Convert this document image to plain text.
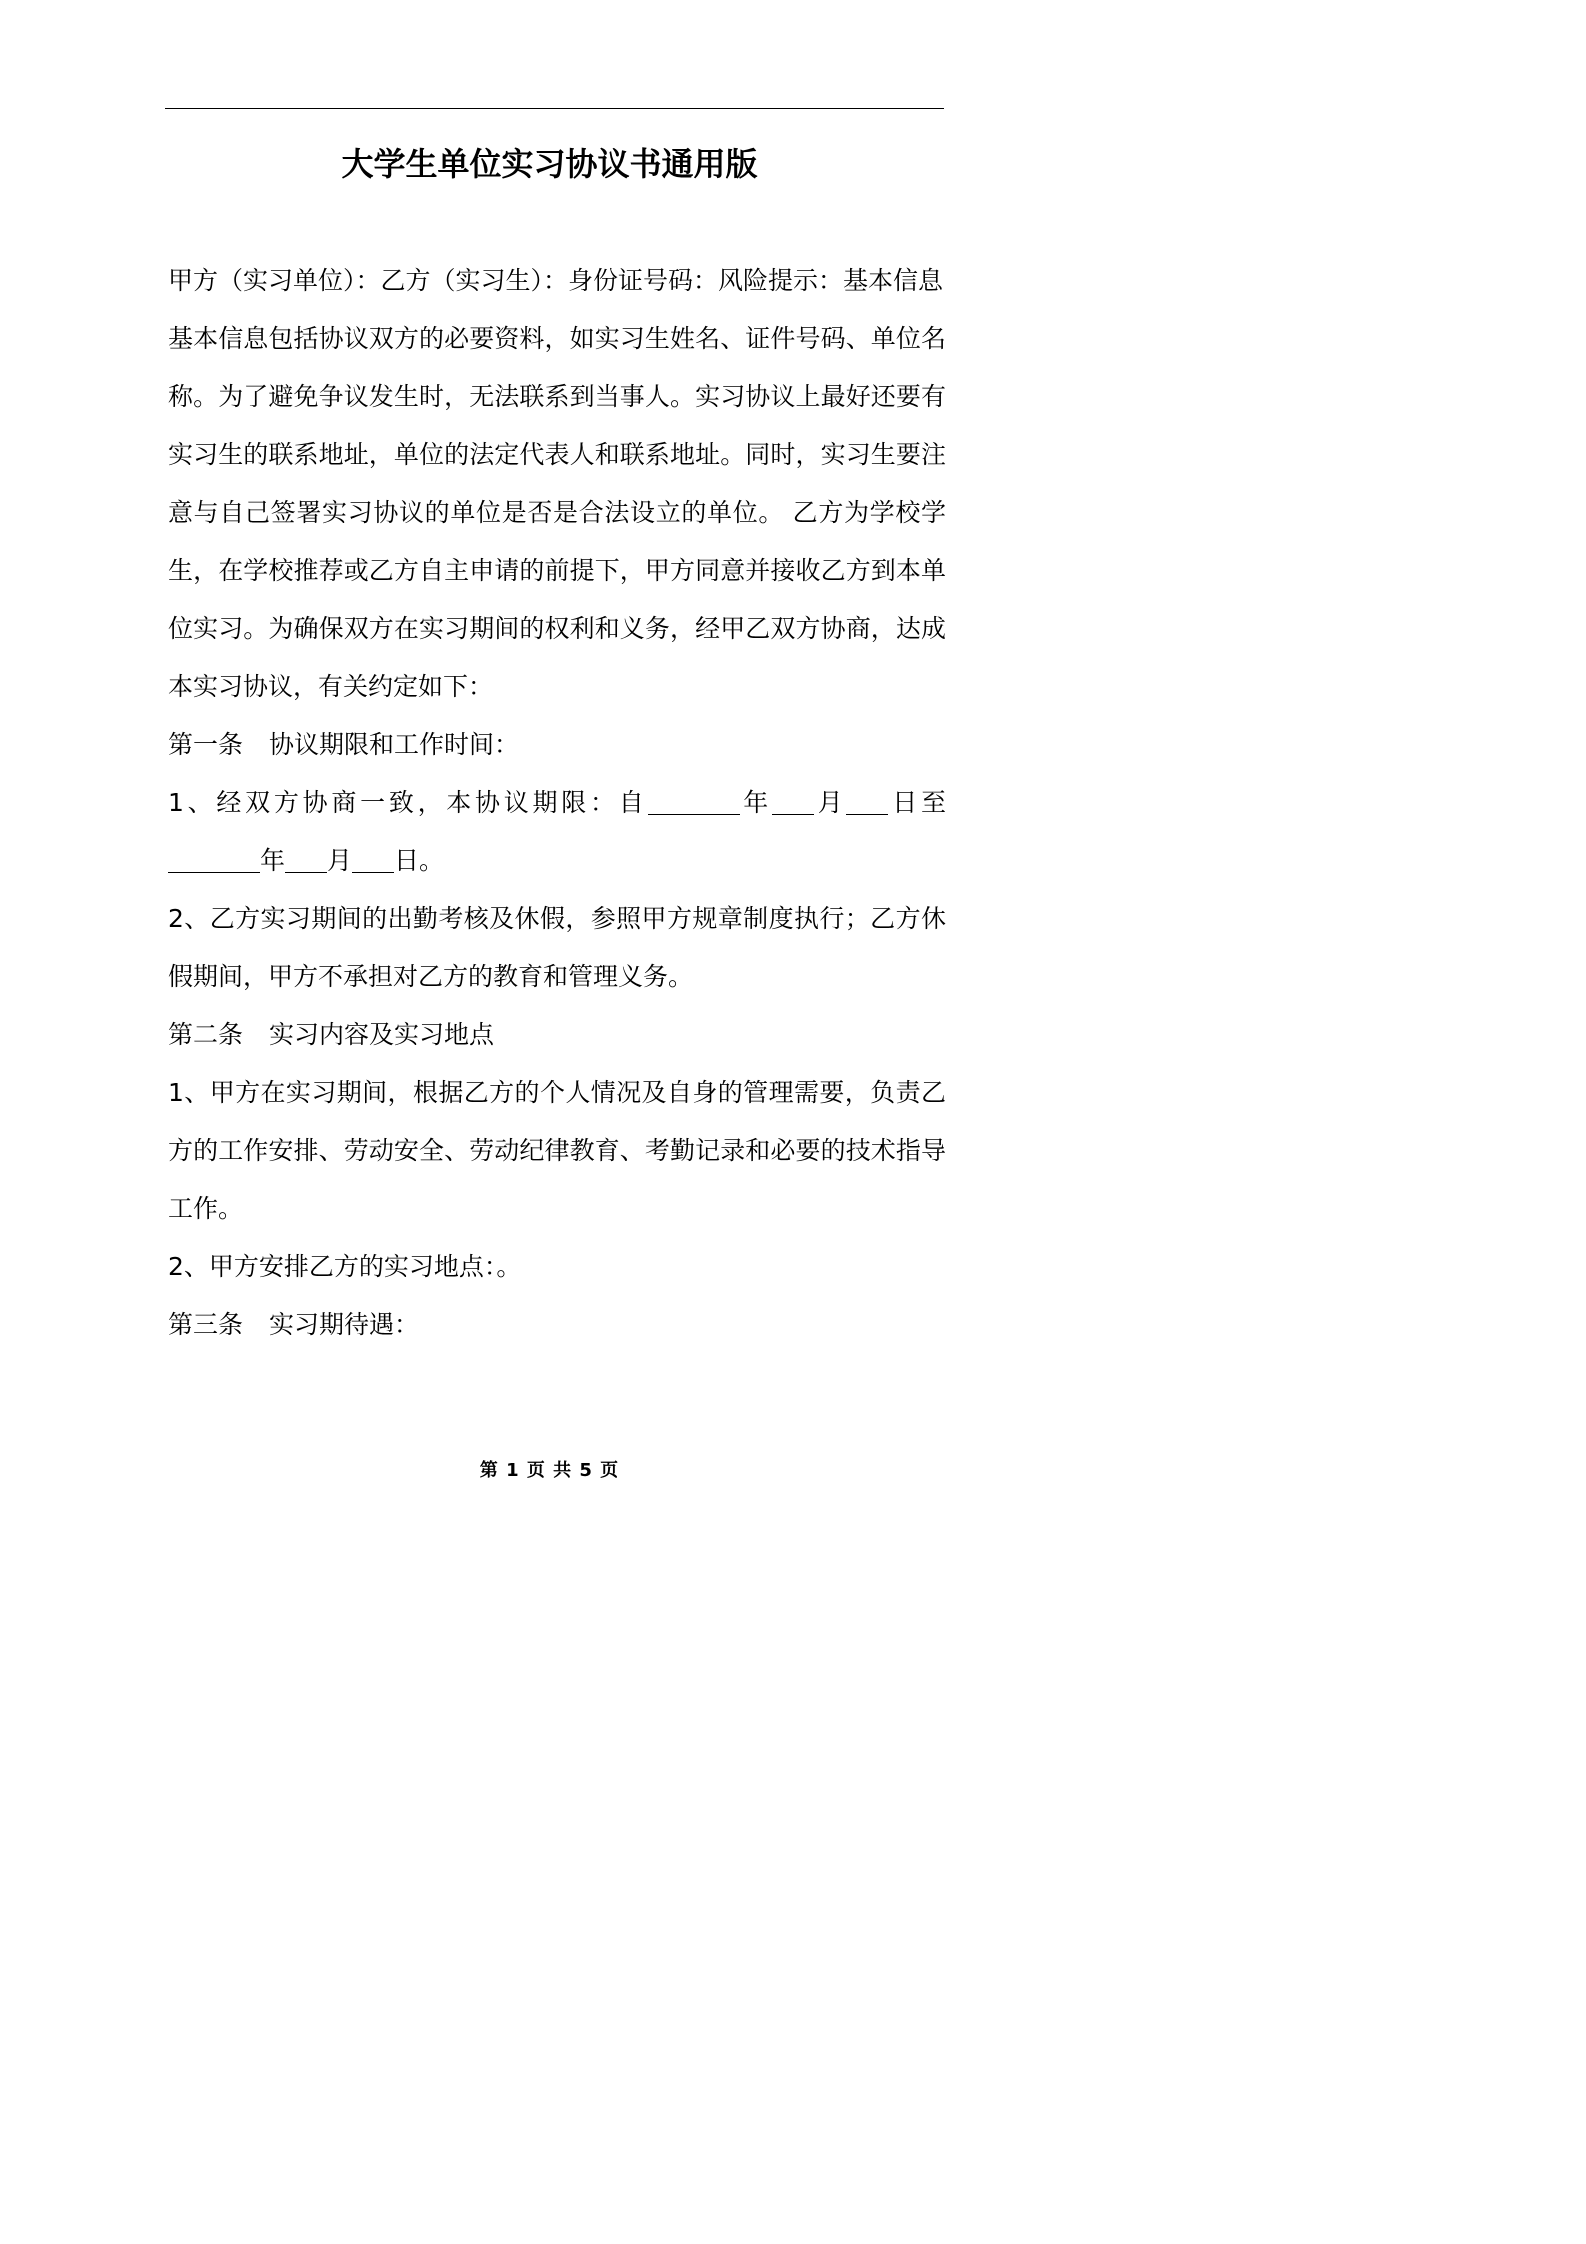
大学生单位实习协议书通用版

甲方（实习单位）：乙方（实习生）：身份证号码：风险提示：基本信息

基本信息包括协议双方的必要资料，如实习生姓名、证件号码、单位名称。为了避免争议发生时，无法联系到当事人。实习协议上最好还要有实习生的联系地址，单位的法定代表人和联系地址。同时，实习生要注意与自己签署实习协议的单位是否是合法设立的单位。 乙方为学校学生，在学校推荐或乙方自主申请的前提下，甲方同意并接收乙方到本单位实习。为确保双方在实习期间的权利和义务，经甲乙双方协商，达成本实习协议，有关约定如下：

第一条 协议期限和工作时间：

1、经双方协商一致，本协议期限：自	年 月 日至年 月 日。

2、乙方实习期间的出勤考核及休假，参照甲方规章制度执行；乙方休假期间，甲方不承担对乙方的教育和管理义务。

第二条 实习内容及实习地点

1、甲方在实习期间，根据乙方的个人情况及自身的管理需要，负责乙方的工作安排、劳动安全、劳动纪律教育、考勤记录和必要的技术指导工作。

2、甲方安排乙方的实习地点：。

第三条 实习期待遇：

第 1 页 共 5 页
